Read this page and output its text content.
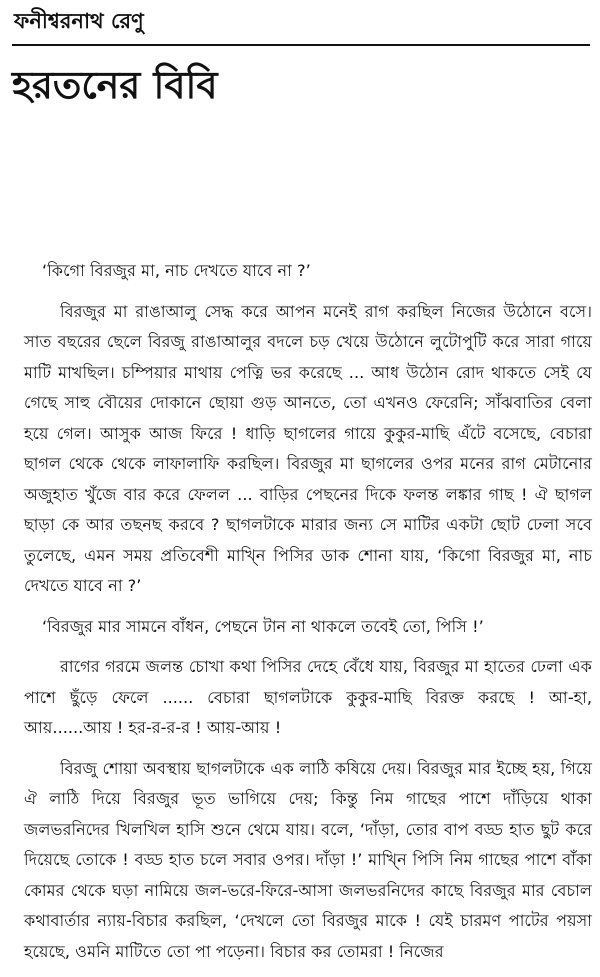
ফনীশ্বরনাথ রেণু
হরতনের বিবি

‘কিগো বিরজুর মা, নাচ দেখতে যাবে না ?’

বিরজুর মা রাঙাআলু সেদ্ধ করে আপন মনেই রাগ করছিল নিজের উঠোনে বসে। সাত বছরের ছেলে বিরজু রাঙাআলুর বদলে চড় খেয়ে উঠোনে লুটোপুটি করে সারা গায়ে মাটি মাখছিল। চম্পিয়ার মাথায় পেত্নি ভর করেছে ... আধ উঠোন রোদ থাকতে সেই যে গেছে সাহু বৌয়ের দোকানে ছোয়া গুড় আনতে, তো এখনও ফেরেনি; সাঁঝবাতির বেলা হয়ে গেল। আসুক আজ ফিরে ! ধাড়ি ছাগলের গায়ে কুকুর-মাছি এঁটে বসেছে, বেচারা ছাগল থেকে থেকে লাফালাফি করছিল। বিরজুর মা ছাগলের ওপর মনের রাগ মেটানোর অজুহাত খুঁজে বার করে ফেলল ... বাড়ির পেছনের দিকে ফলন্ত লঙ্কার গাছ ! ঐ ছাগল ছাড়া কে আর তছনছ করবে ? ছাগলটাকে মারার জন্য সে মাটির একটা ছোট ঢেলা সবে তুলেছে, এমন সময় প্রতিবেশী মাখ্নি পিসির ডাক শোনা যায়, ‘কিগো বিরজুর মা, নাচ দেখতে যাবে না ?’

‘বিরজুর মার সামনে বাঁধন, পেছনে টান না থাকলে তবেই তো, পিসি !’

রাগের গরমে জলন্ত চোখা কথা পিসির দেহে বেঁধে যায়, বিরজুর মা হাতের ঢেলা এক পাশে ছুঁড়ে ফেলে ...... বেচারা ছাগলটাকে কুকুর-মাছি বিরক্ত করছে ! আ-হা, আয়......আয় ! হর-র-র-র ! আয়-আয় !

বিরজু শোয়া অবস্থায় ছাগলটাকে এক লাঠি কষিয়ে দেয়। বিরজুর মার ইচ্ছে হয়, গিয়ে ঐ লাঠি দিয়ে বিরজুর ভূত ভাগিয়ে দেয়; কিন্তু নিম গাছের পাশে দাঁড়িয়ে থাকা জলভরনিদের খিলখিল হাসি শুনে থেমে যায়। বলে, ‘দাঁড়া, তোর বাপ বড্ড হাত ছুট করে দিয়েছে তোকে ! বড্ড হাত চলে সবার ওপর। দাঁড়া !’ মাখ্নি পিসি নিম গাছের পাশে বাঁকা কোমর থেকে ঘড়া নামিয়ে জল-ভরে-ফিরে-আসা জলভরনিদের কাছে বিরজুর মার বেচাল কথাবার্তার ন্যায়-বিচার করছিল, ‘দেখলে তো বিরজুর মাকে ! যেই চারমণ পাটের পয়সা হয়েছে, ওমনি মাটিতে তো পা পড়েনা। বিচার কর তোমরা ! নিজের
